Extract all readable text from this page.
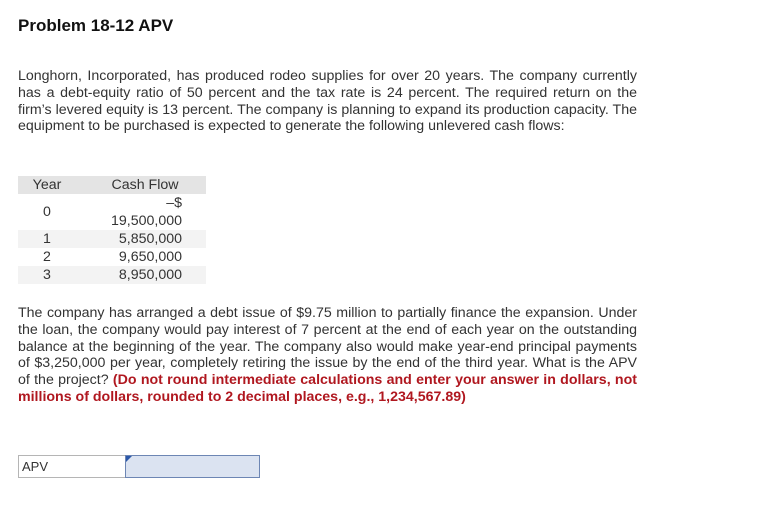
Problem 18-12 APV

Longhorn, Incorporated, has produced rodeo supplies for over 20 years. The company currently has a debt-equity ratio of 50 percent and the tax rate is 24 percent. The required return on the firm’s levered equity is 13 percent. The company is planning to expand its production capacity. The equipment to be purchased is expected to generate the following unlevered cash flows:

Year	Cash Flow
0	–$
	19,500,000
1	5,850,000
2	9,650,000
3	8,950,000

The company has arranged a debt issue of $9.75 million to partially finance the expansion. Under the loan, the company would pay interest of 7 percent at the end of each year on the outstanding balance at the beginning of the year. The company also would make year-end principal payments of $3,250,000 per year, completely retiring the issue by the end of the third year. What is the APV of the project? (Do not round intermediate calculations and enter your answer in dollars, not millions of dollars, rounded to 2 decimal places, e.g., 1,234,567.89)

APV
